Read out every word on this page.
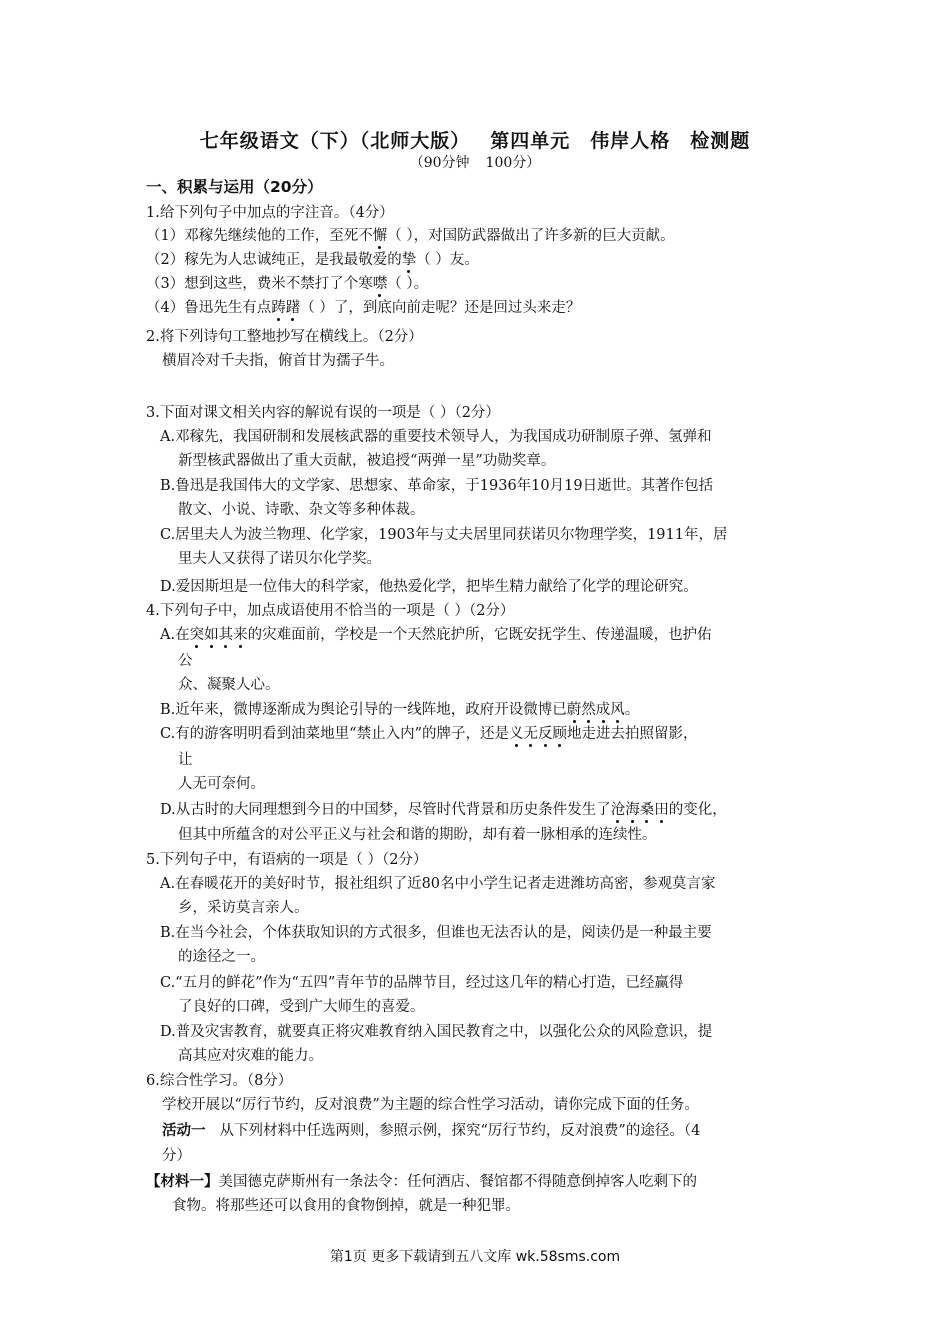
七年级语文（下）（北师大版） 第四单元 伟岸人格 检测题
（90分钟 100分）
一、积累与运用（20分）
1.给下列句子中加点的字注音。（4分）
（1）邓稼先继续他的工作，至死不懈（ ），对国防武器做出了许多新的巨大贡献。
（2）稼先为人忠诚纯正，是我最敬爱的挚（ ）友。
（3）想到这些，费米不禁打了个寒噤（ ）。
（4）鲁迅先生有点踌躇（ ）了，到底向前走呢？还是回过头来走？
2.将下列诗句工整地抄写在横线上。（2分）
横眉冷对千夫指，俯首甘为孺子牛。
3.下面对课文相关内容的解说有误的一项是（ ）（2分）
A.邓稼先，我国研制和发展核武器的重要技术领导人，为我国成功研制原子弹、氢弹和
新型核武器做出了重大贡献，被追授“两弹一星”功勋奖章。
B.鲁迅是我国伟大的文学家、思想家、革命家，于1936年10月19日逝世。其著作包括
散文、小说、诗歌、杂文等多种体裁。
C.居里夫人为波兰物理、化学家，1903年与丈夫居里同获诺贝尔物理学奖，1911年，居
里夫人又获得了诺贝尔化学奖。
D.爱因斯坦是一位伟大的科学家，他热爱化学，把毕生精力献给了化学的理论研究。
4.下列句子中，加点成语使用不恰当的一项是（ ）（2分）
A.在突如其来的灾难面前，学校是一个天然庇护所，它既安抚学生、传递温暖，也护佑
公
众、凝聚人心。
B.近年来，微博逐渐成为舆论引导的一线阵地，政府开设微博已蔚然成风。
C.有的游客明明看到油菜地里“禁止入内”的牌子，还是义无反顾地走进去拍照留影，
让
人无可奈何。
D.从古时的大同理想到今日的中国梦，尽管时代背景和历史条件发生了沧海桑田的变化，
但其中所蕴含的对公平正义与社会和谐的期盼，却有着一脉相承的连续性。
5.下列句子中，有语病的一项是（ ）（2分）
A.在春暖花开的美好时节，报社组织了近80名中小学生记者走进潍坊高密，参观莫言家
乡，采访莫言亲人。
B.在当今社会，个体获取知识的方式很多，但谁也无法否认的是，阅读仍是一种最主要
的途径之一。
C.“五月的鲜花”作为“五四”青年节的品牌节目，经过这几年的精心打造，已经赢得
了良好的口碑，受到广大师生的喜爱。
D.普及灾害教育，就要真正将灾难教育纳入国民教育之中，以强化公众的风险意识，提
高其应对灾难的能力。
6.综合性学习。（8分）
学校开展以“厉行节约，反对浪费”为主题的综合性学习活动，请你完成下面的任务。
活动一 从下列材料中任选两则，参照示例，探究“厉行节约，反对浪费”的途径。（4
分）
【材料一】美国德克萨斯州有一条法令：任何酒店、餐馆都不得随意倒掉客人吃剩下的
食物。将那些还可以食用的食物倒掉，就是一种犯罪。
第1页 更多下载请到五八文库 wk.58sms.com
